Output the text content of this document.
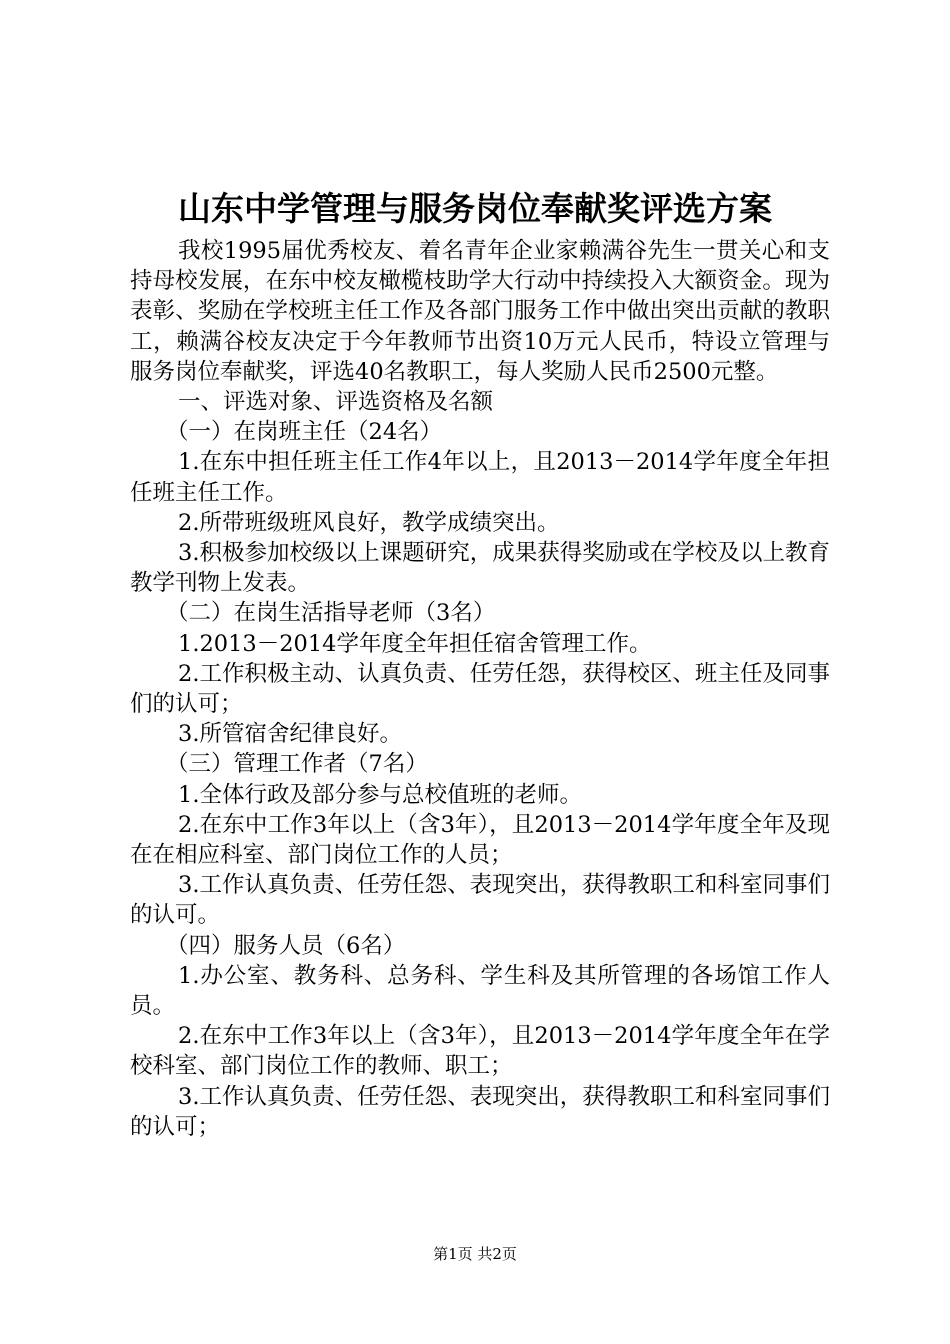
山东中学管理与服务岗位奉献奖评选方案

我校1995届优秀校友、着名青年企业家赖满谷先生一贯关心和支持母校发展，在东中校友橄榄枝助学大行动中持续投入大额资金。现为表彰、奖励在学校班主任工作及各部门服务工作中做出突出贡献的教职工，赖满谷校友决定于今年教师节出资10万元人民币，特设立管理与服务岗位奉献奖，评选40名教职工，每人奖励人民币2500元整。

一、评选对象、评选资格及名额

（一）在岗班主任（24名）

1.在东中担任班主任工作4年以上，且2013－2014学年度全年担任班主任工作。

2.所带班级班风良好，教学成绩突出。

3.积极参加校级以上课题研究，成果获得奖励或在学校及以上教育教学刊物上发表。

（二）在岗生活指导老师（3名）

1.2013－2014学年度全年担任宿舍管理工作。

2.工作积极主动、认真负责、任劳任怨，获得校区、班主任及同事们的认可；

3.所管宿舍纪律良好。

（三）管理工作者（7名）

1.全体行政及部分参与总校值班的老师。

2.在东中工作3年以上（含3年），且2013－2014学年度全年及现在在相应科室、部门岗位工作的人员；

3.工作认真负责、任劳任怨、表现突出，获得教职工和科室同事们的认可。

（四）服务人员（6名）

1.办公室、教务科、总务科、学生科及其所管理的各场馆工作人员。

2.在东中工作3年以上（含3年），且2013－2014学年度全年在学校科室、部门岗位工作的教师、职工；

3.工作认真负责、任劳任怨、表现突出，获得教职工和科室同事们的认可；

第1页 共2页
